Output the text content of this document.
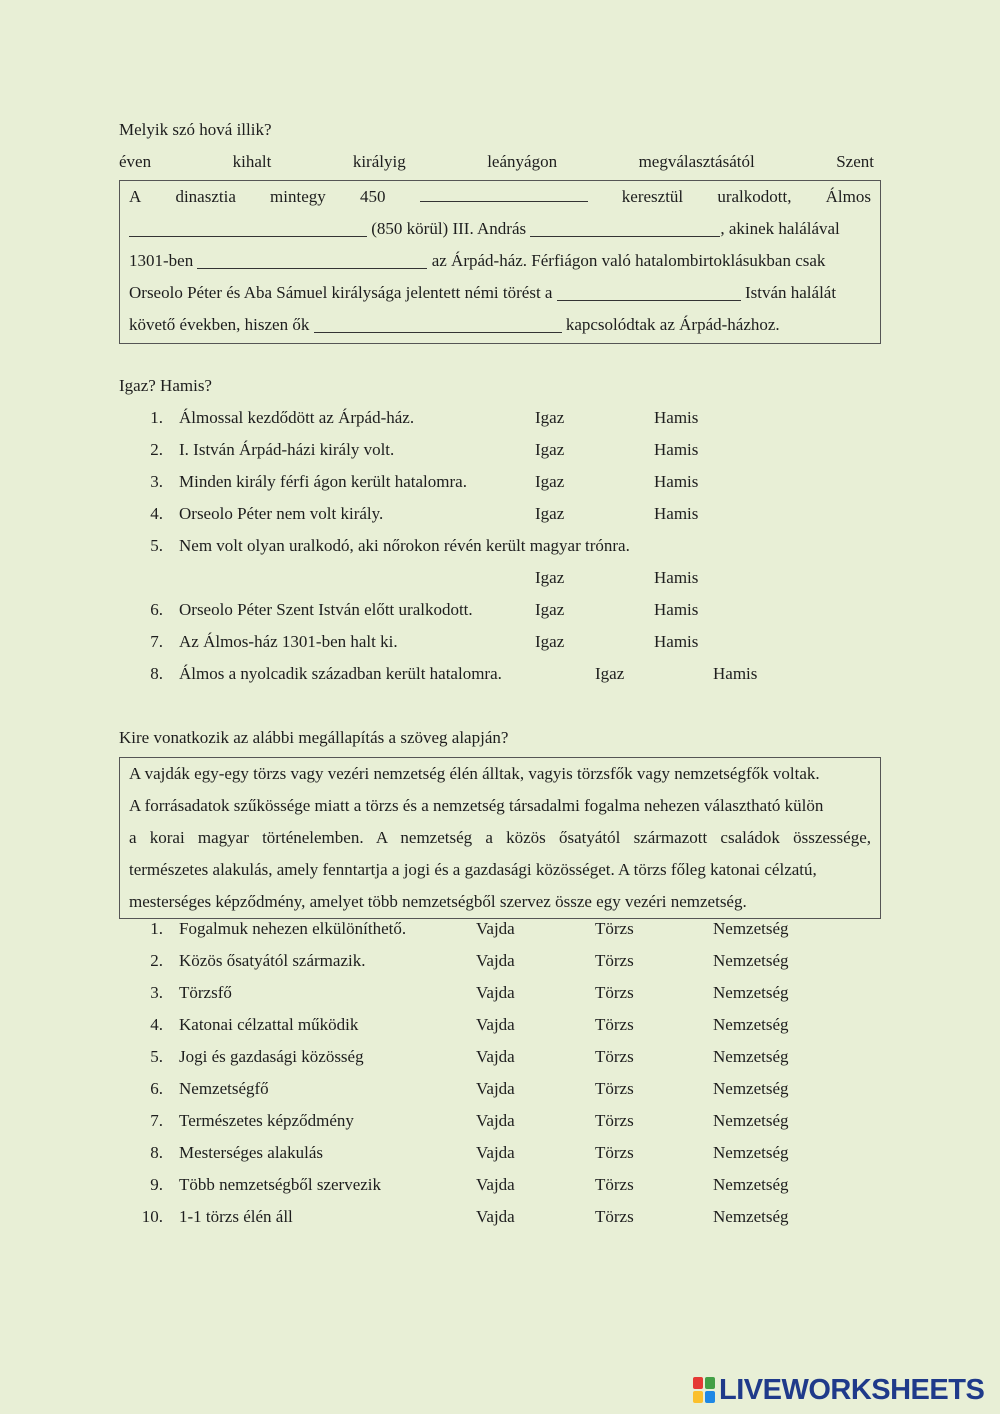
Melyik szó hová illik?
éven	kihalt	királyig	leányágon	megválasztásától	Szent
A dinasztia mintegy 450	keresztül uralkodott, Álmos
(850 körül) III. András	, akinek halálával
1301-ben	az Árpád-ház. Férfiágon való hatalombirtoklásukban csak
Orseolo Péter és Aba Sámuel királysága jelentett némi törést a	István halálát
követő években, hiszen ők	kapcsolódtak az Árpád-házhoz.
Igaz? Hamis?
1. Álmossal kezdődött az Árpád-ház.	Igaz	Hamis
2. I. István Árpád-házi király volt.	Igaz	Hamis
3. Minden király férfi ágon került hatalomra.	Igaz	Hamis
4. Orseolo Péter nem volt király.	Igaz	Hamis
5. Nem volt olyan uralkodó, aki nőrokon révén került magyar trónra.
Igaz	Hamis
6. Orseolo Péter Szent István előtt uralkodott.	Igaz	Hamis
7. Az Álmos-ház 1301-ben halt ki.	Igaz	Hamis
8. Álmos a nyolcadik században került hatalomra.	Igaz	Hamis
Kire vonatkozik az alábbi megállapítás a szöveg alapján?
A vajdák egy-egy törzs vagy vezéri nemzetség élén álltak, vagyis törzsfők vagy nemzetségfők voltak.
A forrásadatok szűkössége miatt a törzs és a nemzetség társadalmi fogalma nehezen választható külön
a korai magyar történelemben. A nemzetség a közös ősatyától származott családok összessége,
természetes alakulás, amely fenntartja a jogi és a gazdasági közösséget. A törzs főleg katonai célzatú,
mesterséges képződmény, amelyet több nemzetségből szervez össze egy vezéri nemzetség.
1. Fogalmuk nehezen elkülöníthető.	Vajda	Törzs	Nemzetség
2. Közös ősatyától származik.	Vajda	Törzs	Nemzetség
3. Törzsfő	Vajda	Törzs	Nemzetség
4. Katonai célzattal működik	Vajda	Törzs	Nemzetség
5. Jogi és gazdasági közösség	Vajda	Törzs	Nemzetség
6. Nemzetségfő	Vajda	Törzs	Nemzetség
7. Természetes képződmény	Vajda	Törzs	Nemzetség
8. Mesterséges alakulás	Vajda	Törzs	Nemzetség
9. Több nemzetségből szervezik	Vajda	Törzs	Nemzetség
10. 1-1 törzs élén áll	Vajda	Törzs	Nemzetség
LIVEWORKSHEETS
